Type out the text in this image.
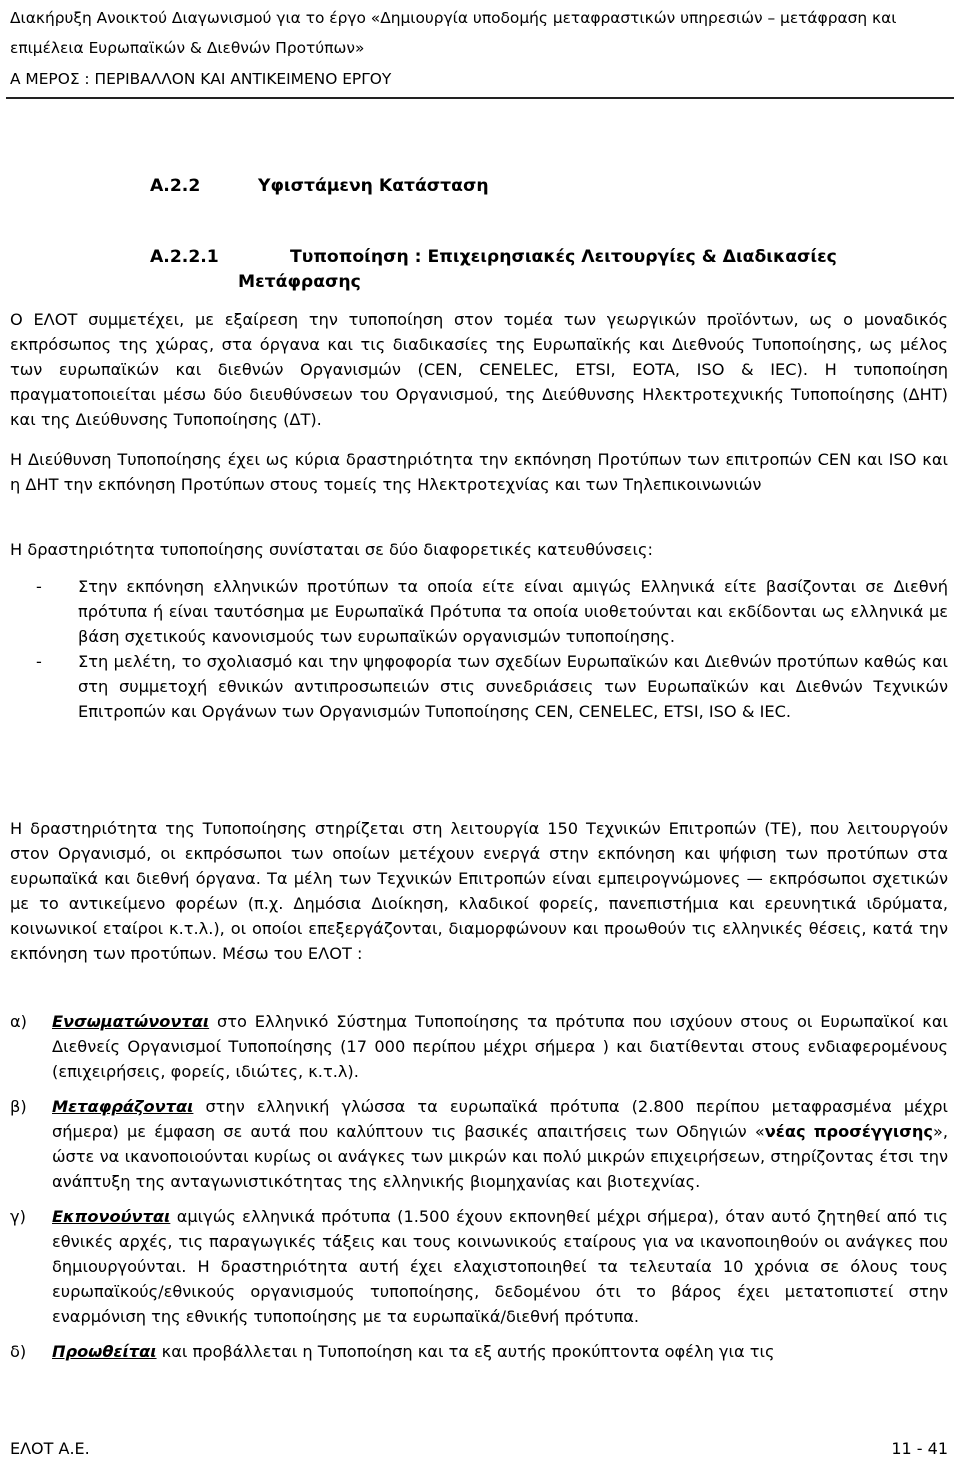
Διακήρυξη Ανοικτού Διαγωνισμού για το έργο «Δημιουργία υποδομής μεταφραστικών υπηρεσιών – μετάφραση και
επιμέλεια Ευρωπαϊκών & Διεθνών Προτύπων»
Α ΜΕΡΟΣ : ΠΕΡΙΒΑΛΛΟΝ ΚΑΙ ΑΝΤΙΚΕΙΜΕΝΟ ΕΡΓΟΥ
Α.2.2	Υφιστάμενη Κατάσταση
Α.2.2.1	Τυποποίηση : Επιχειρησιακές Λειτουργίες & Διαδικασίες
Μετάφρασης

Ο ΕΛΟΤ συμμετέχει, με εξαίρεση την τυποποίηση στον τομέα των γεωργικών προϊόντων, ως ο μοναδικός εκπρόσωπος της χώρας, στα όργανα και τις διαδικασίες της Ευρωπαϊκής και Διεθνούς Τυποποίησης, ως μέλος των ευρωπαϊκών και διεθνών Οργανισμών (CEN, CENELEC, ETSI, EOTA, ISO & IEC). Η τυποποίηση πραγματοποιείται μέσω δύο διευθύνσεων του Οργανισμού, της Διεύθυνσης Ηλεκτροτεχνικής Τυποποίησης (ΔΗΤ) και της Διεύθυνσης Τυποποίησης (ΔΤ).

Η Διεύθυνση Τυποποίησης έχει ως κύρια δραστηριότητα την εκπόνηση Προτύπων των επιτροπών CEN και ISO και η ΔΗΤ την εκπόνηση Προτύπων στους τομείς της Ηλεκτροτεχνίας και των Τηλεπικοινωνιών

Η δραστηριότητα τυποποίησης συνίσταται σε δύο διαφορετικές κατευθύνσεις:

-	Στην εκπόνηση ελληνικών προτύπων τα οποία είτε είναι αμιγώς Ελληνικά είτε βασίζονται σε Διεθνή πρότυπα ή είναι ταυτόσημα με Ευρωπαϊκά Πρότυπα τα οποία υιοθετούνται και εκδίδονται ως ελληνικά με βάση σχετικούς κανονισμούς των ευρωπαϊκών οργανισμών τυποποίησης.
-	Στη μελέτη, το σχολιασμό και την ψηφοφορία των σχεδίων Ευρωπαϊκών και Διεθνών προτύπων καθώς και στη συμμετοχή εθνικών αντιπροσωπειών στις συνεδριάσεις των Ευρωπαϊκών και Διεθνών Τεχνικών Επιτροπών και Οργάνων των Οργανισμών Τυποποίησης CEN, CENELEC, ETSI, ISO & IEC.

Η δραστηριότητα της Τυποποίησης στηρίζεται στη λειτουργία 150 Τεχνικών Επιτροπών (ΤΕ), που λειτουργούν στον Οργανισμό, οι εκπρόσωποι των οποίων μετέχουν ενεργά στην εκπόνηση και ψήφιση των προτύπων στα ευρωπαϊκά και διεθνή όργανα. Τα μέλη των Τεχνικών Επιτροπών είναι εμπειρογνώμονες — εκπρόσωποι σχετικών με το αντικείμενο φορέων (π.χ. Δημόσια Διοίκηση, κλαδικοί φορείς, πανεπιστήμια και ερευνητικά ιδρύματα, κοινωνικοί εταίροι κ.τ.λ.), οι οποίοι επεξεργάζονται, διαμορφώνουν και προωθούν τις ελληνικές θέσεις, κατά την εκπόνηση των προτύπων. Μέσω του ΕΛΟΤ :

α)	Ενσωματώνονται στο Ελληνικό Σύστημα Τυποποίησης τα πρότυπα που ισχύουν στους οι Ευρωπαϊκοί και Διεθνείς Οργανισμοί Τυποποίησης (17 000 περίπου μέχρι σήμερα ) και διατίθενται στους ενδιαφερομένους (επιχειρήσεις, φορείς, ιδιώτες, κ.τ.λ).
β)	Μεταφράζονται στην ελληνική γλώσσα τα ευρωπαϊκά πρότυπα (2.800 περίπου μεταφρασμένα μέχρι σήμερα) με έμφαση σε αυτά που καλύπτουν τις βασικές απαιτήσεις των Οδηγιών «νέας προσέγγισης», ώστε να ικανοποιούνται κυρίως οι ανάγκες των μικρών και πολύ μικρών επιχειρήσεων, στηρίζοντας έτσι την ανάπτυξη της ανταγωνιστικότητας της ελληνικής βιομηχανίας και βιοτεχνίας.
γ)	Εκπονούνται αμιγώς ελληνικά πρότυπα (1.500 έχουν εκπονηθεί μέχρι σήμερα), όταν αυτό ζητηθεί από τις εθνικές αρχές, τις παραγωγικές τάξεις και τους κοινωνικούς εταίρους για να ικανοποιηθούν οι ανάγκες που δημιουργούνται. Η δραστηριότητα αυτή έχει ελαχιστοποιηθεί τα τελευταία 10 χρόνια σε όλους τους ευρωπαϊκούς/εθνικούς οργανισμούς τυποποίησης, δεδομένου ότι το βάρος έχει μετατοπιστεί στην εναρμόνιση της εθνικής τυποποίησης με τα ευρωπαϊκά/διεθνή πρότυπα.
δ)	Προωθείται και προβάλλεται η Τυποποίηση και τα εξ αυτής προκύπτοντα οφέλη για τις
ΕΛΟΤ Α.Ε.	11 - 41
